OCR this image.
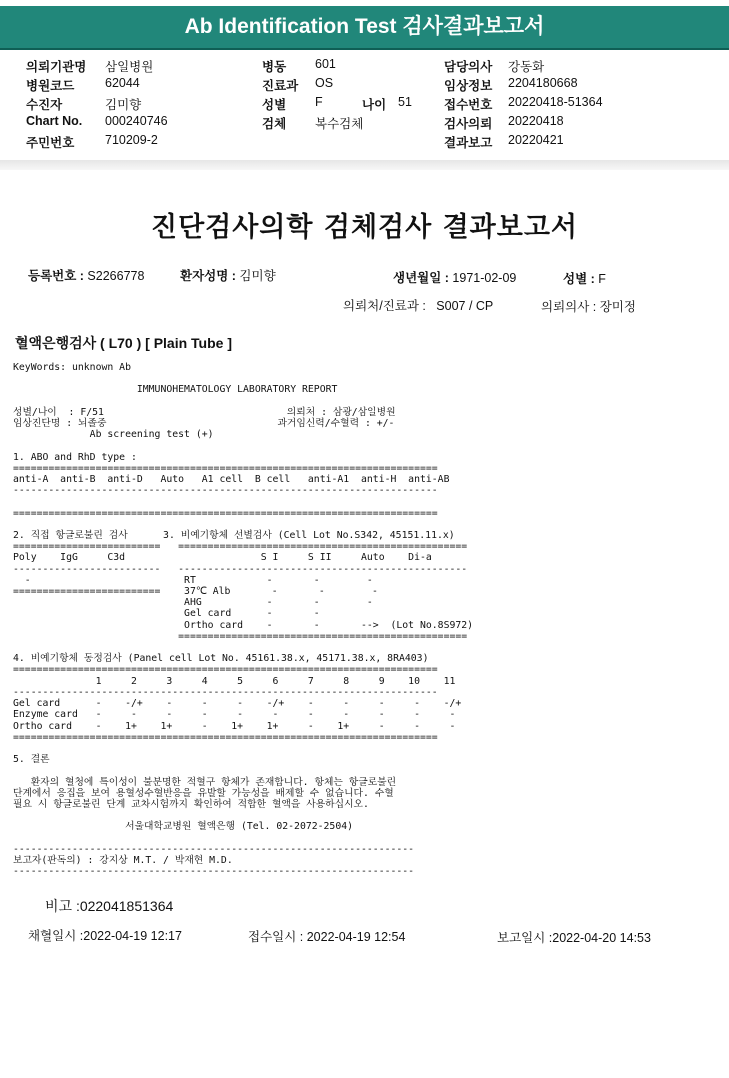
Ab Identification Test 검사결과보고서
의뢰기관명 삼일병원
병원코드 62044
수진자	김미향
Chart No. 000240746
주민번호 710209-2
병동 601
진료과 OS
성별 F	나이 51
검체 복수검체
담당의사 강동화
임상정보 2204180668
접수번호 20220418-51364
검사의뢰 20220418
결과보고 20220421
진단검사의학 검체검사 결과보고서
등록번호 : S2266778	환자성명 : 김미향	생년월일 : 1971-02-09	성별 : F
의뢰처/진료과 : S007 / CP	의뢰의사 : 장미정
혈액은행검사 ( L70 ) [ Plain Tube ]
KeyWords: unknown Ab

IMMUNOHEMATOLOGY LABORATORY REPORT

성별/나이  : F/51                               의뢰처 : 삼광/삼일병원
임상진단명 : 뇌졸중                             과거임신력/수혈력 : +/-
Ab screening test (+)

1. ABO and RhD type :
========================================================================
anti-A  anti-B  anti-D   Auto   A1 cell  B cell   anti-A1  anti-H  anti-AB
------------------------------------------------------------------------

========================================================================

2. 직접 항글로불린 검사      3. 비예기항체 선별검사 (Cell Lot No.S342, 45151.11.x)
=========================   =================================================
Poly    IgG     C3d                       S I     S II     Auto    Di-a
-------------------------   -------------------------------------------------
-                          RT            -       -        -
=========================    37℃ Alb       -       -        -
AHG           -       -        -
Gel card      -       -
Ortho card    -       -       -->  (Lot No.8S972)
=================================================

4. 비예기항체 동정검사 (Panel cell Lot No. 45161.38.x, 45171.38.x, 8RA403)
========================================================================
1     2     3     4     5     6     7     8     9    10    11
------------------------------------------------------------------------
Gel card      -    -/+    -     -     -    -/+    -     -     -     -    -/+
Enzyme card   -     -     -     -     -     -     -     -     -     -     -
Ortho card    -    1+    1+     -    1+    1+     -    1+     -     -     -
========================================================================

5. 결론

환자의 혈청에 특이성이 불분명한 적혈구 항체가 존재합니다. 항체는 항글로불린
단계에서 응집을 보여 용혈성수혈반응을 유발할 가능성을 배제할 수 없습니다. 수혈
필요 시 항글로불린 단계 교차시험까지 확인하여 적합한 혈액을 사용하십시오.

서울대학교병원 혈액은행 (Tel. 02-2072-2504)

--------------------------------------------------------------------
보고자(판독의) : 강지상 M.T. / 박재현 M.D.
--------------------------------------------------------------------
비고 :022041851364
채혈일시 :2022-04-19 12:17	접수일시 : 2022-04-19 12:54	보고일시 :2022-04-20 14:53
